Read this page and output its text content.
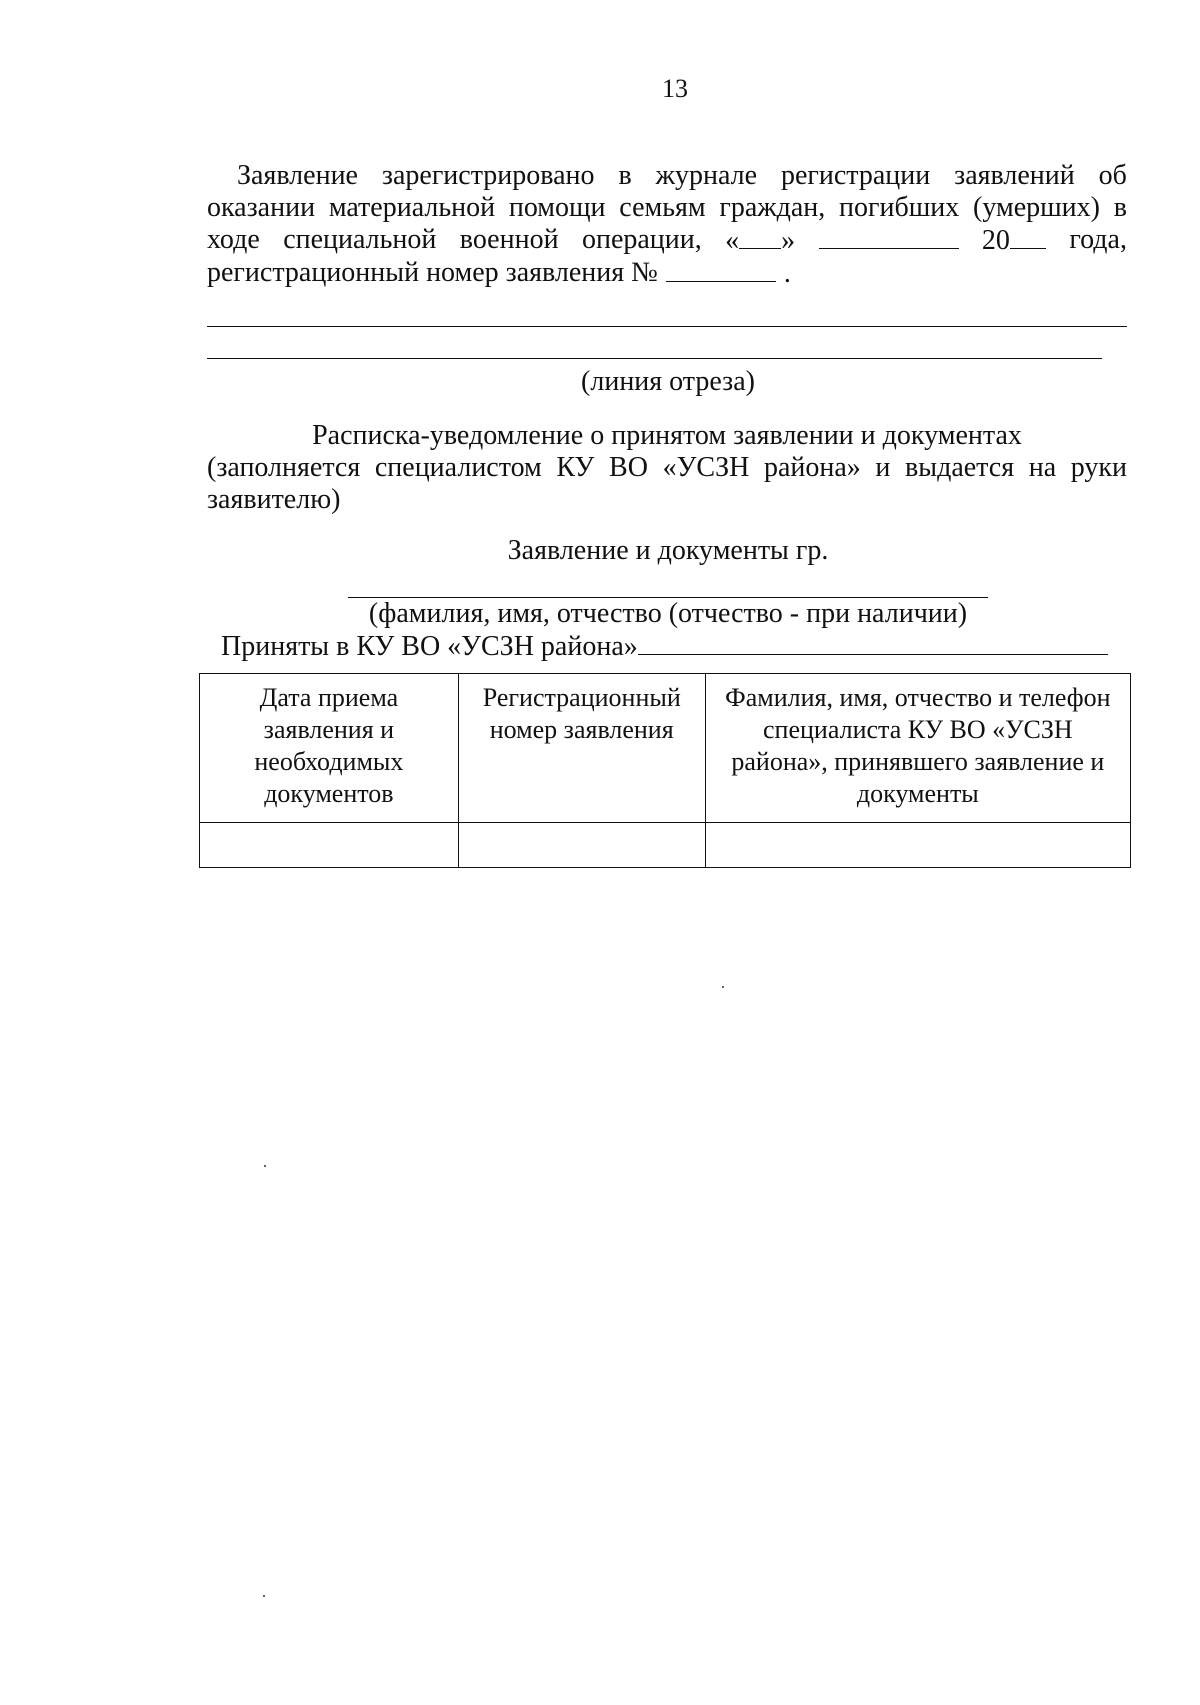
13
Заявление зарегистрировано в журнале регистрации заявлений об
оказании материальной помощи семьям граждан, погибших (умерших) в
ходе специальной военной операции, « »	20	года,
регистрационный номер заявления №	.
(линия отреза)
Расписка-уведомление о принятом заявлении и документах
(заполняется специалистом КУ ВО «УСЗН района» и выдается на руки
заявителю)
Заявление и документы гр.
(фамилия, имя, отчество (отчество - при наличии)
Приняты в КУ ВО «УСЗН района»
Дата приема заявления и необходимых документов	Регистрационный номер заявления	Фамилия, имя, отчество и телефон специалиста КУ ВО «УСЗН района», принявшего заявление и документы
